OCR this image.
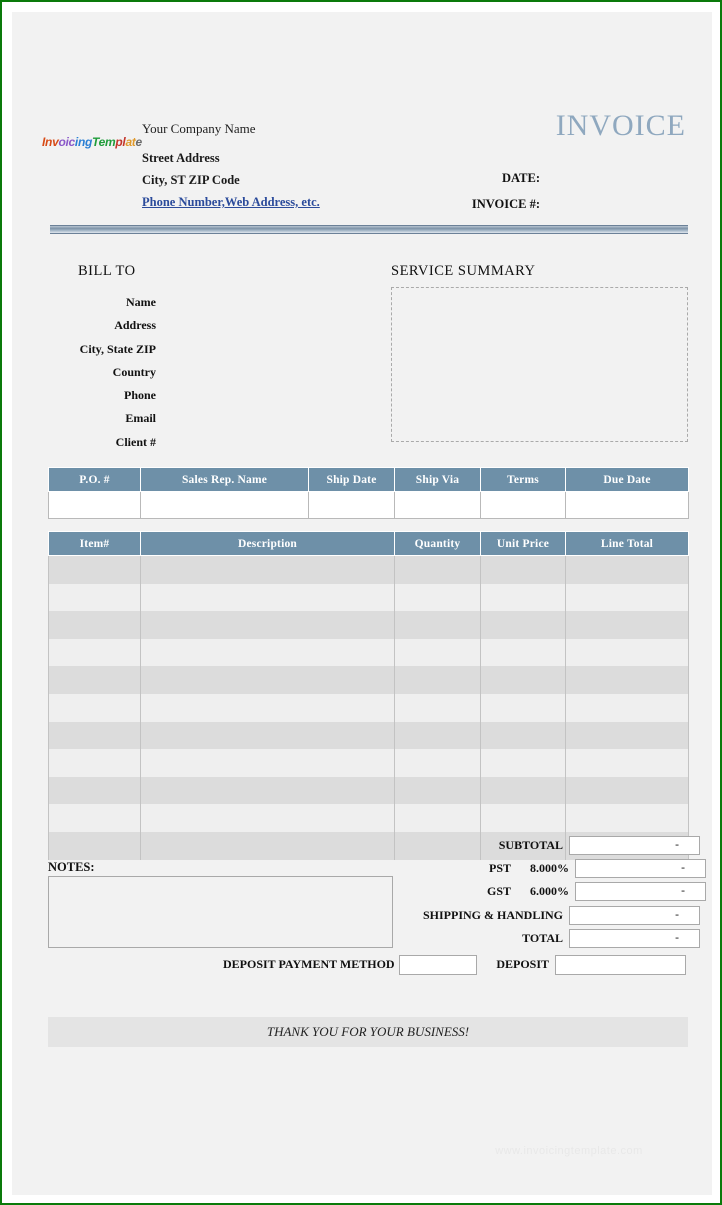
InvoicingTemplate
Your Company Name
Street Address
City, ST ZIP Code
Phone Number,Web Address, etc.
INVOICE
DATE:
INVOICE #:
BILL TO
Name
Address
City, State ZIP
Country
Phone
Email
Client #
SERVICE SUMMARY
P.O. #	Sales Rep. Name	Ship Date	Ship Via	Terms	Due Date

Item#	Description	Quantity	Unit Price	Line Total

NOTES:
SUBTOTAL	-
PST	8.000%	-
GST	6.000%	-
SHIPPING & HANDLING	-
TOTAL	-
DEPOSIT PAYMENT METHOD	DEPOSIT
THANK YOU FOR YOUR BUSINESS!
www.invoicingtemplate.com
